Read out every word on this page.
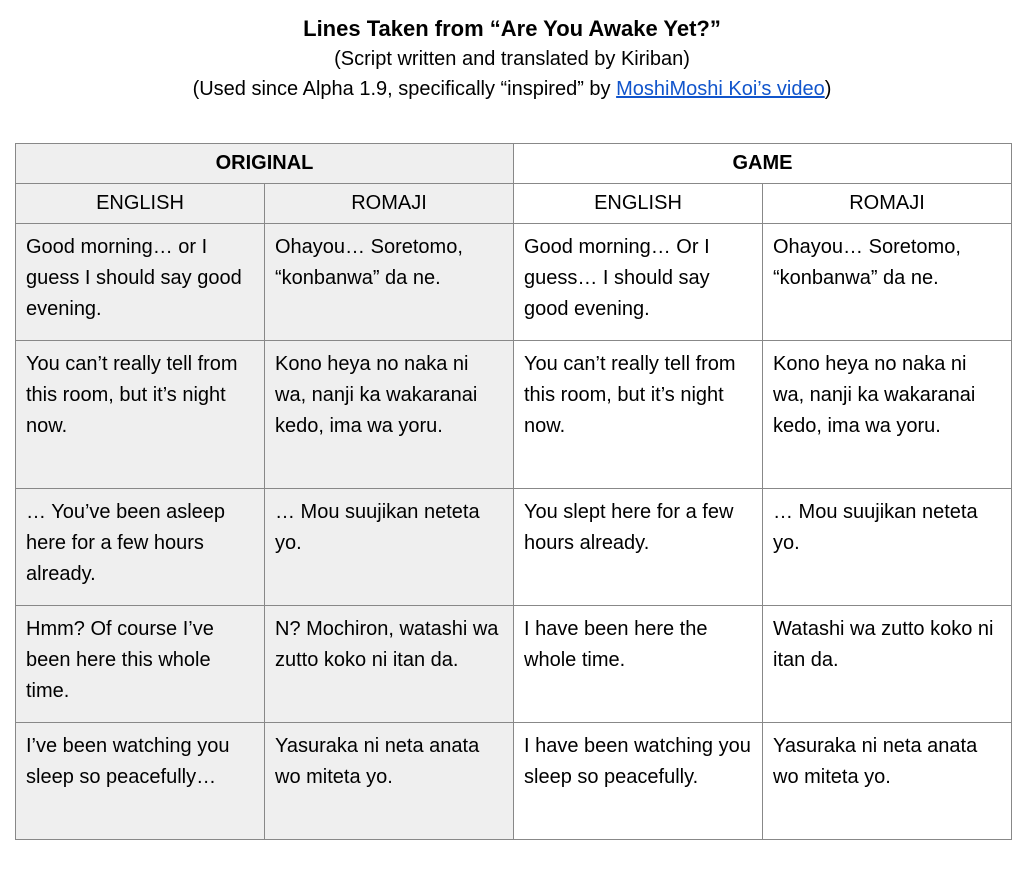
Lines Taken from “Are You Awake Yet?”

(Script written and translated by Kiriban)

(Used since Alpha 1.9, specifically “inspired” by MoshiMoshi Koi’s video)

ORIGINAL		GAME	
ENGLISH	ROMAJI	ENGLISH	ROMAJI
Good morning… or I guess I should say good evening.	Ohayou… Soretomo, “konbanwa” da ne.	Good morning… Or I guess… I should say good evening.	Ohayou… Soretomo, “konbanwa” da ne.
You can’t really tell from this room, but it’s night now.	Kono heya no naka ni wa, nanji ka wakaranai kedo, ima wa yoru.	You can’t really tell from this room, but it’s night now.	Kono heya no naka ni wa, nanji ka wakaranai kedo, ima wa yoru.
… You’ve been asleep here for a few hours already.	… Mou suujikan neteta yo.	You slept here for a few hours already.	… Mou suujikan neteta yo.
Hmm? Of course I’ve been here this whole time.	N? Mochiron, watashi wa zutto koko ni itan da.	I have been here the whole time.	Watashi wa zutto koko ni itan da.
I’ve been watching you sleep so peacefully…	Yasuraka ni neta anata wo miteta yo.	I have been watching you sleep so peacefully.	Yasuraka ni neta anata wo miteta yo.
